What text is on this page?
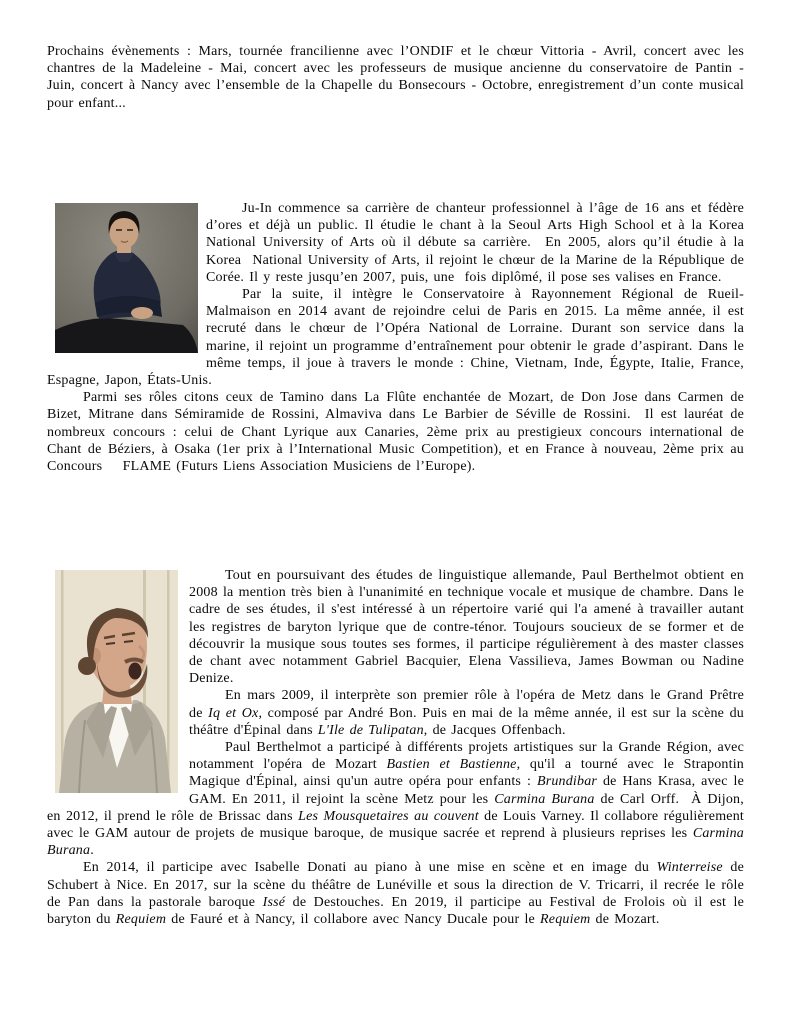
Prochains évènements : Mars, tournée francilienne avec l’ONDIF et le chœur Vittoria - Avril, concert avec les chantres de la Madeleine - Mai, concert avec les professeurs de musique ancienne du conservatoire de Pantin - Juin, concert à Nancy avec l’ensemble de la Chapelle du Bonsecours - Octobre, enregistrement d’un conte musical pour enfant...

Ju-In commence sa carrière de chanteur professionnel à l’âge de 16 ans et fédère d’ores et déjà un public. Il étudie le chant à la Seoul Arts High School et à la Korea National University of Arts où il débute sa carrière.  En 2005, alors qu’il étudie à la Korea  National University of Arts, il rejoint le chœur de la Marine de la République de Corée. Il y reste jusqu’en 2007, puis, une  fois diplômé, il pose ses valises en France.

Par la suite, il intègre le Conservatoire à Rayonnement Régional de Rueil- Malmaison en 2014 avant de rejoindre celui de Paris en 2015. La même année, il est recruté dans le chœur de l’Opéra National de Lorraine. Durant son service dans la marine, il rejoint un programme d’entraînement pour obtenir le grade d’aspirant. Dans le même temps, il joue à travers le monde : Chine, Vietnam, Inde, Égypte, Italie, France, Espagne, Japon, États-Unis.

Parmi ses rôles citons ceux de Tamino dans La Flûte enchantée de Mozart, de Don Jose dans Carmen de Bizet, Mitrane dans Sémiramide de Rossini, Almaviva dans Le Barbier de Séville de Rossini.  Il est lauréat de nombreux concours : celui de Chant Lyrique aux Canaries, 2ème prix au prestigieux concours international de Chant de Béziers, à Osaka (1er prix à l’International Music Competition), et en France à nouveau, 2ème prix au Concours    FLAME (Futurs Liens Association Musiciens de l’Europe).

Tout en poursuivant des études de linguistique allemande, Paul Berthelmot obtient en 2008 la mention très bien à l'unanimité en technique vocale et musique de chambre. Dans le cadre de ses études, il s'est intéressé à un répertoire varié qui l'a amené à travailler autant les registres de baryton lyrique que de contre-ténor. Toujours soucieux de se former et de découvrir la musique sous toutes ses formes, il participe régulièrement à des master classes de chant avec notamment Gabriel Bacquier, Elena Vassilieva, James Bowman ou Nadine Denize.

En mars 2009, il interprète son premier rôle à l'opéra de Metz dans le Grand Prêtre de Iq et Ox, composé par André Bon. Puis en mai de la même année, il est sur la scène du théâtre d'Épinal dans L'Ile de Tulipatan, de Jacques Offenbach.

Paul Berthelmot a participé à différents projets artistiques sur la Grande Région, avec notamment l'opéra de Mozart Bastien et Bastienne, qu'il a tourné avec le Strapontin Magique d'Épinal, ainsi qu'un autre opéra pour enfants : Brundibar de Hans Krasa, avec le GAM. En 2011, il rejoint la scène Metz pour les Carmina Burana de Carl Orff.  À Dijon, en 2012, il prend le rôle de Brissac dans Les Mousquetaires au couvent de Louis Varney. Il collabore régulièrement avec le GAM autour de projets de musique baroque, de musique sacrée et reprend à plusieurs reprises les Carmina Burana.

En 2014, il participe avec Isabelle Donati au piano à une mise en scène et en image du Winterreise de Schubert à Nice. En 2017, sur la scène du théâtre de Lunéville et sous la direction de V. Tricarri, il recrée le rôle de Pan dans la pastorale baroque Issé de Destouches. En 2019, il participe au Festival de Frolois où il est le baryton du Requiem de Fauré et à Nancy, il collabore avec Nancy Ducale pour le Requiem de Mozart.
